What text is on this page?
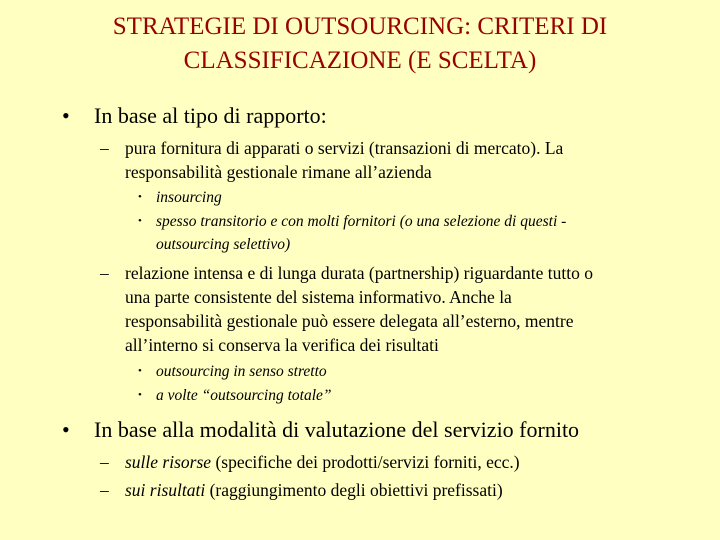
STRATEGIE DI OUTSOURCING: CRITERI DI
CLASSIFICAZIONE (E SCELTA)
• In base al tipo di rapporto:
– pura fornitura di apparati o servizi (transazioni di mercato). La
responsabilità gestionale rimane all’azienda
• insourcing
• spesso transitorio e con molti fornitori (o una selezione di questi -
outsourcing selettivo)
– relazione intensa e di lunga durata (partnership) riguardante tutto o
una parte consistente del sistema informativo. Anche la
responsabilità gestionale può essere delegata all’esterno, mentre
all’interno si conserva la verifica dei risultati
• outsourcing in senso stretto
• a volte “outsourcing totale”
• In base alla modalità di valutazione del servizio fornito
– sulle risorse (specifiche dei prodotti/servizi forniti, ecc.)
– sui risultati (raggiungimento degli obiettivi prefissati)
